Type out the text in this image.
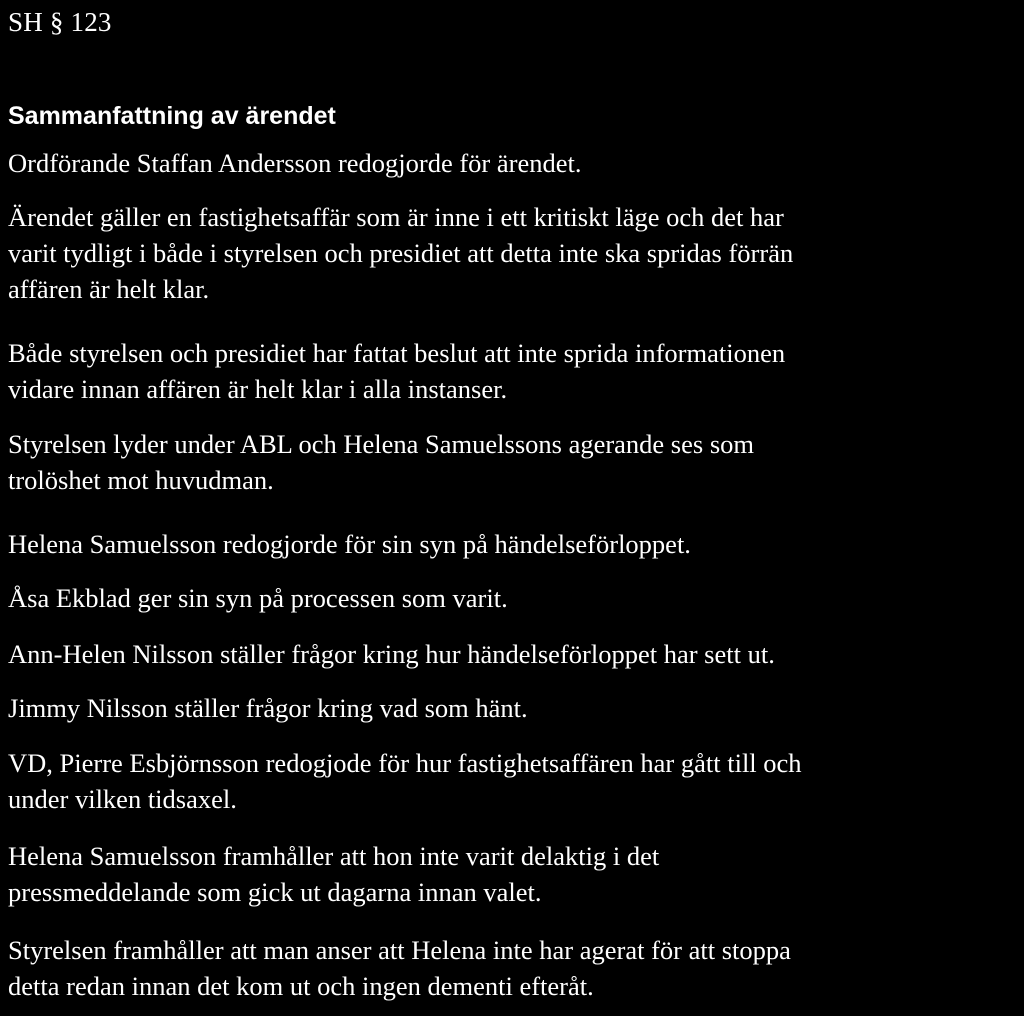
SH § 123
Sammanfattning av ärendet

Ordförande Staffan Andersson redogjorde för ärendet.

Ärendet gäller en fastighetsaffär som är inne i ett kritiskt läge och det har
varit tydligt i både i styrelsen och presidiet att detta inte ska spridas förrän
affären är helt klar.

Både styrelsen och presidiet har fattat beslut att inte sprida informationen
vidare innan affären är helt klar i alla instanser.

Styrelsen lyder under ABL och Helena Samuelssons agerande ses som
trolöshet mot huvudman.

Helena Samuelsson redogjorde för sin syn på händelseförloppet.

Åsa Ekblad ger sin syn på processen som varit.

Ann-Helen Nilsson ställer frågor kring hur händelseförloppet har sett ut.

Jimmy Nilsson ställer frågor kring vad som hänt.

VD, Pierre Esbjörnsson redogjode för hur fastighetsaffären har gått till och
under vilken tidsaxel.

Helena Samuelsson framhåller att hon inte varit delaktig i det
pressmeddelande som gick ut dagarna innan valet.

Styrelsen framhåller att man anser att Helena inte har agerat för att stoppa
detta redan innan det kom ut och ingen dementi efteråt.
